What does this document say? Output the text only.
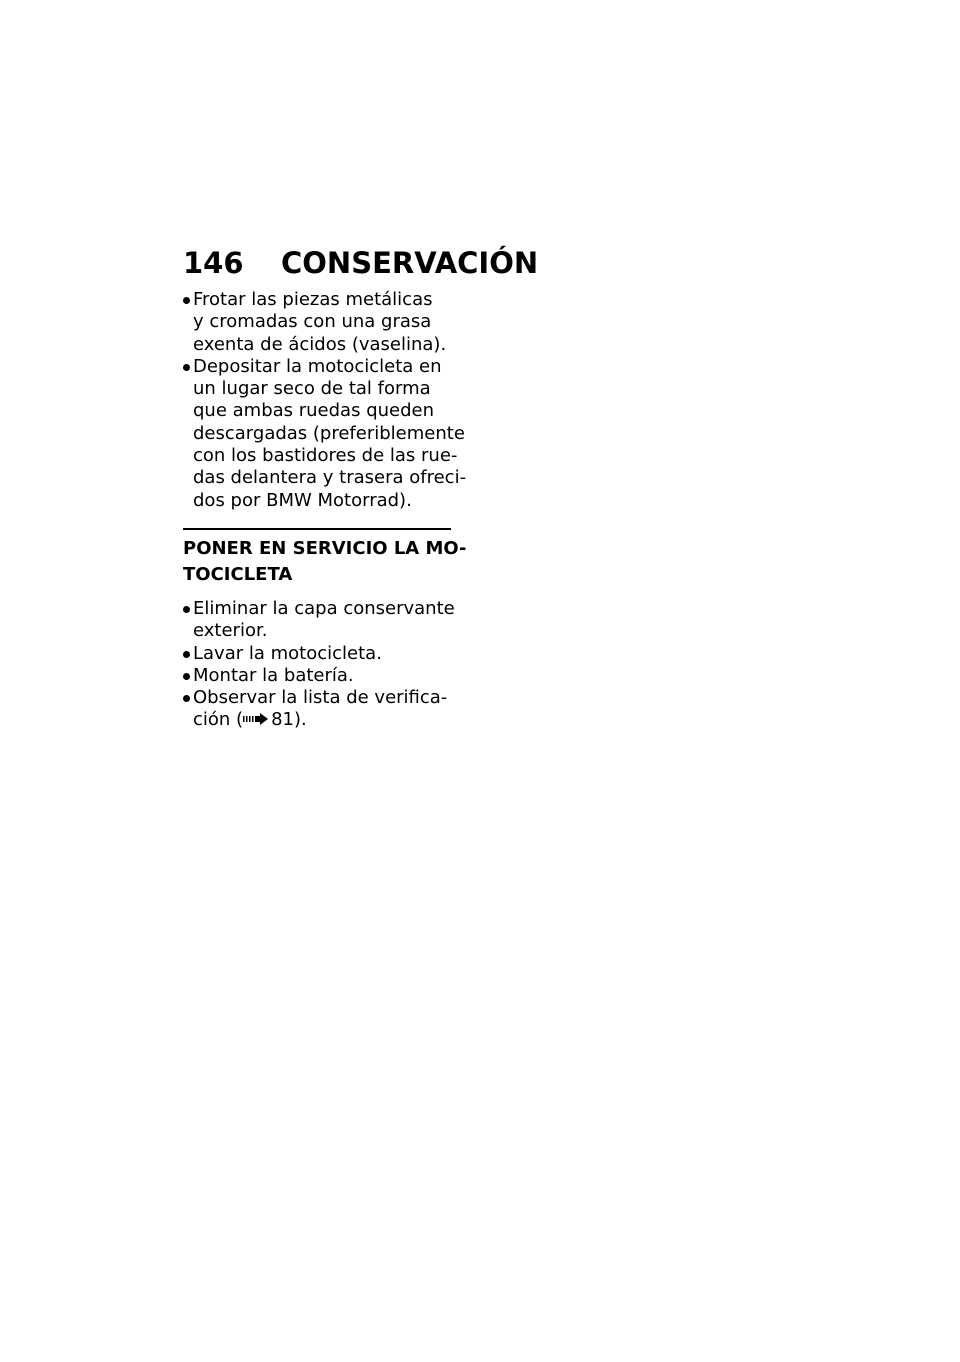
146 CONSERVACIÓN
Frotar las piezas metálicas
y cromadas con una grasa
exenta de ácidos (vaselina).
Depositar la motocicleta en
un lugar seco de tal forma
que ambas ruedas queden
descargadas (preferiblemente
con los bastidores de las rue-
das delantera y trasera ofreci-
dos por BMW Motorrad).
PONER EN SERVICIO LA MO-
TOCICLETA
Eliminar la capa conservante
exterior.
Lavar la motocicleta.
Montar la batería.
Observar la lista de verifica-
ción ( 81).
